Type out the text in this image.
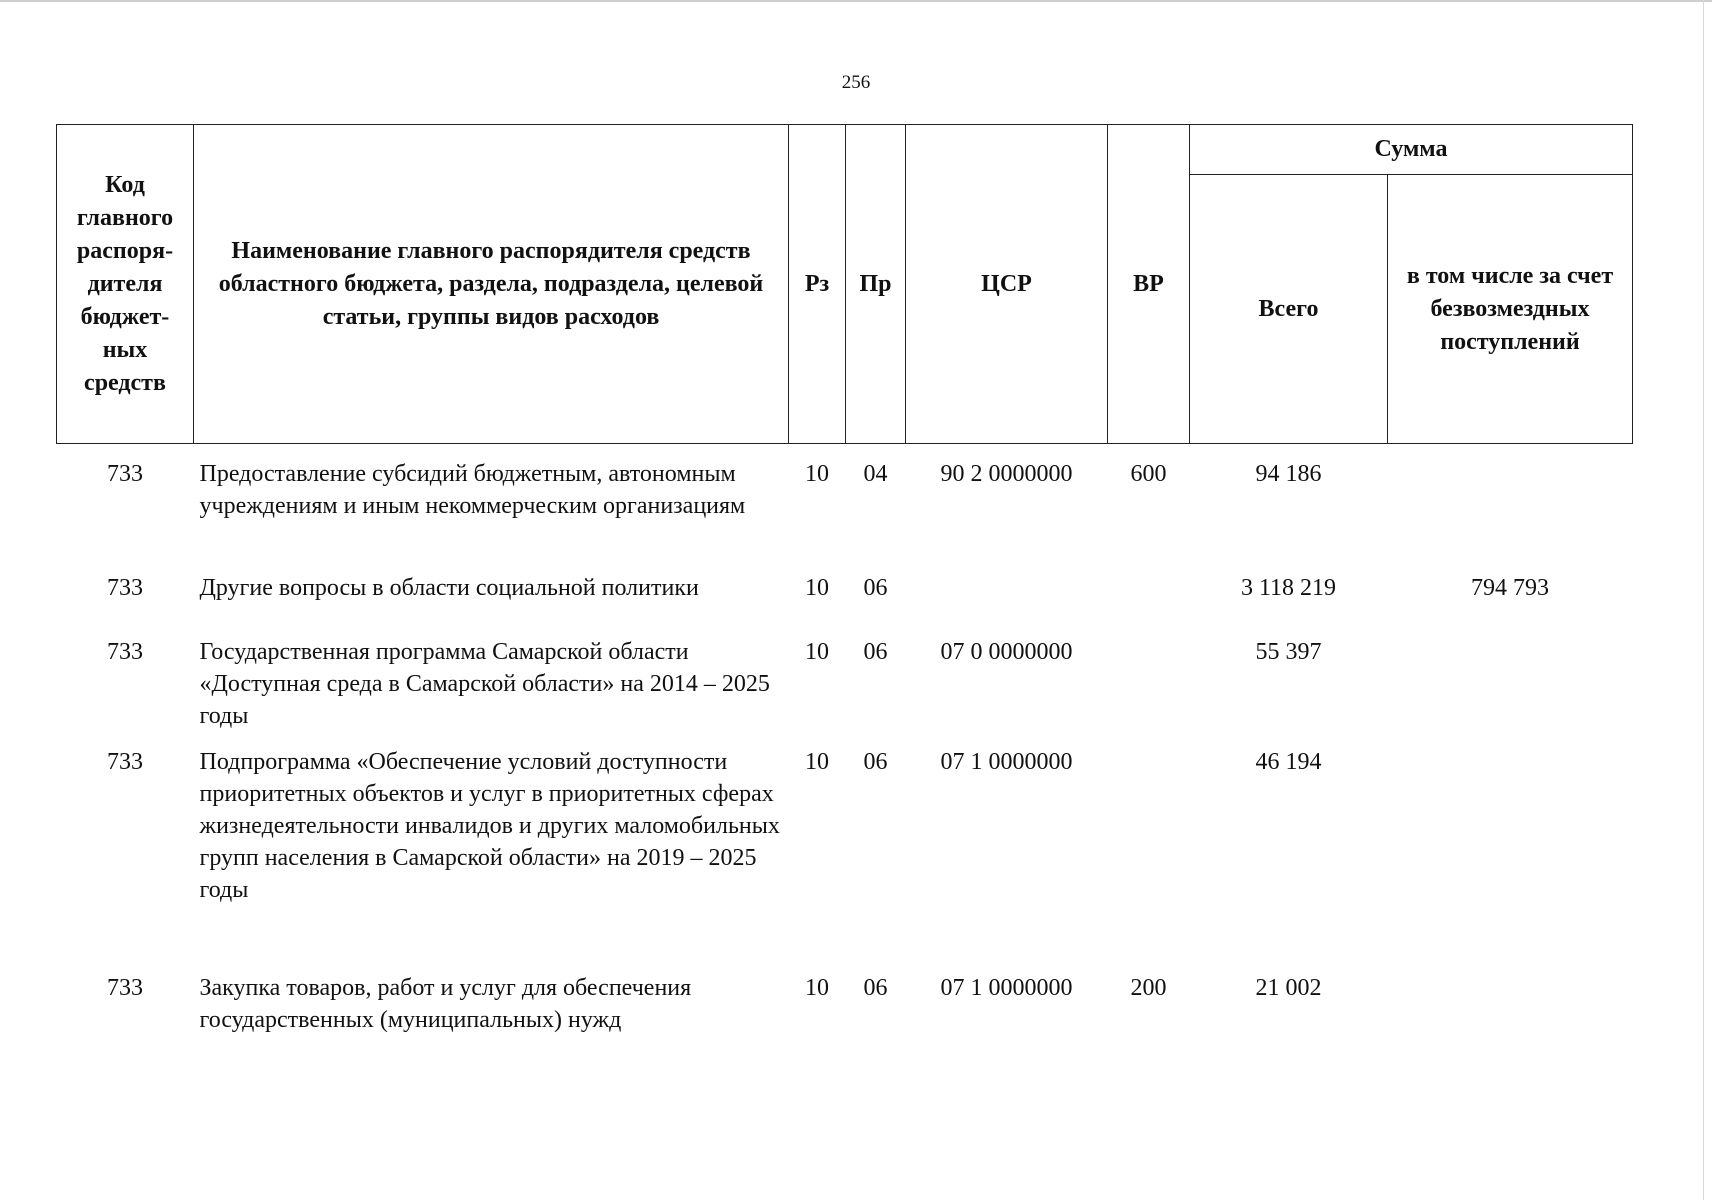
256
Код главного распоря-дителя бюджет-ных средств	Наименование главного распорядителя средств областного бюджета, раздела, подраздела, целевой статьи, группы видов расходов	Рз	Пр	ЦСР	ВР	Сумма	
						Всего	в том числе за счет безвозмездных поступлений

733	Предоставление субсидий бюджетным, автономным учреждениям и иным некоммерческим организациям	10	04	90 2 0000000	600	94 186	
733	Другие вопросы в области социальной политики	10	06			3 118 219	794 793
733	Государственная программа Самарской области «Доступная среда в Самарской области» на 2014 – 2025 годы	10	06	07 0 0000000		55 397	
733	Подпрограмма «Обеспечение условий доступности приоритетных объектов и услуг в приоритетных сферах жизнедеятельности инвалидов и других маломобильных групп населения в Самарской области» на 2019 – 2025 годы	10	06	07 1 0000000		46 194	
733	Закупка товаров, работ и услуг для обеспечения государственных (муниципальных) нужд	10	06	07 1 0000000	200	21 002	
